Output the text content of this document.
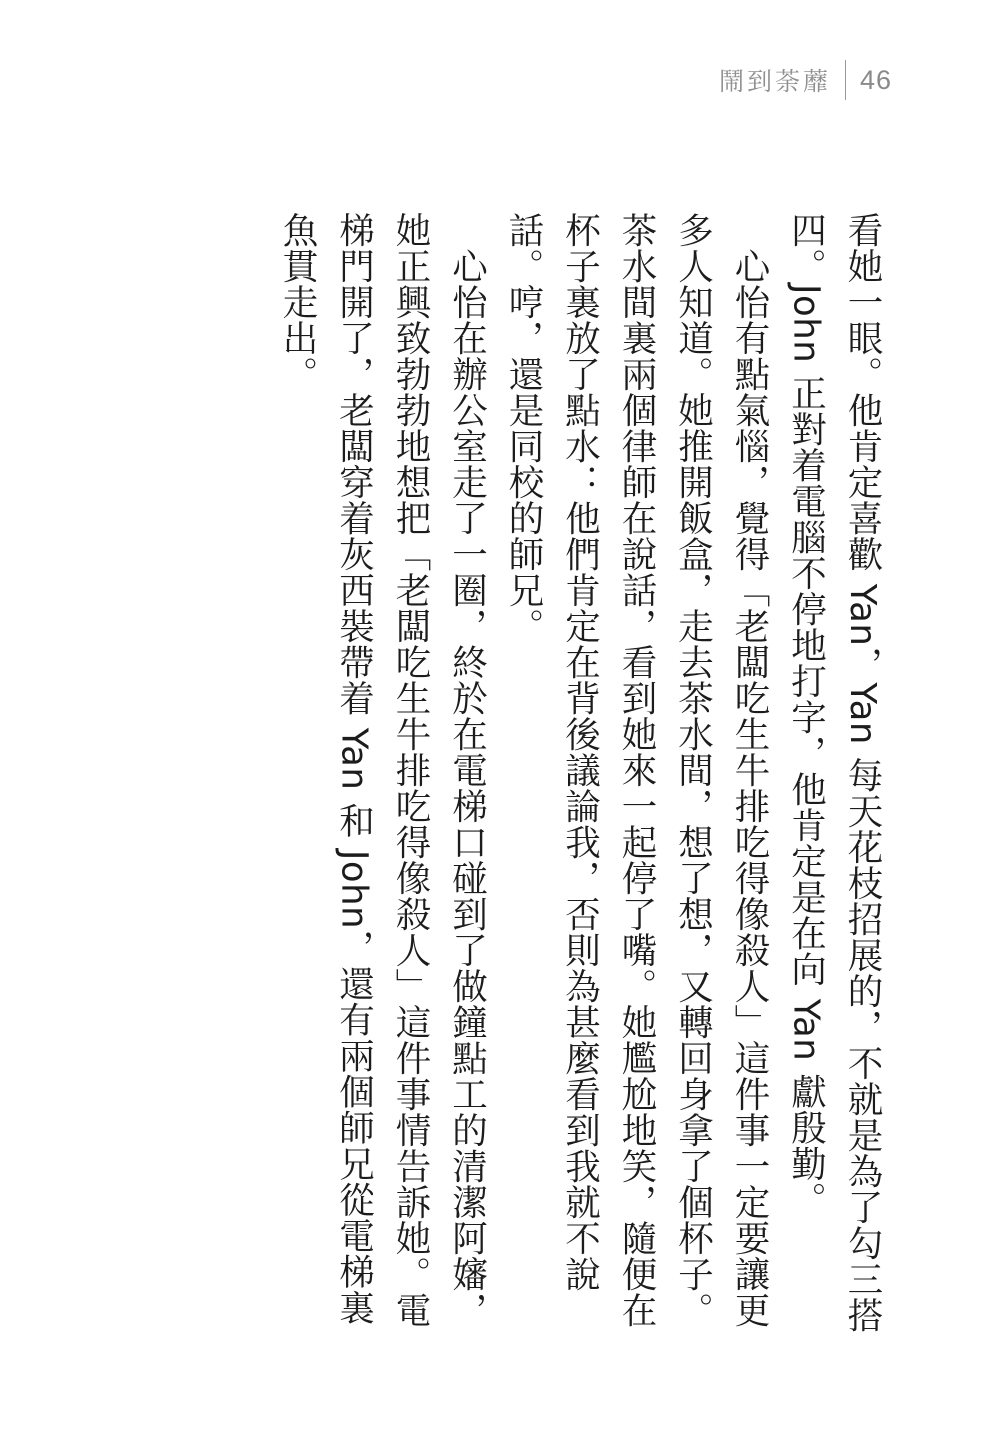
鬧到荼蘼 46

看她一眼。他肯定喜歡 Yan，Yan 每天花枝招展的，不就是為了勾三搭四。John 正對着電腦不停地打字，他肯定是在向 Yan 獻殷勤。

心怡有點氣惱，覺得「老闆吃生牛排吃得像殺人」這件事一定要讓更多人知道。她推開飯盒，走去茶水間，想了想，又轉回身拿了個杯子。茶水間裏兩個律師在說話，看到她來一起停了嘴。她尷尬地笑，隨便在杯子裏放了點水：他們肯定在背後議論我，否則為甚麼看到我就不說話。哼，還是同校的師兄。

心怡在辦公室走了一圈，終於在電梯口碰到了做鐘點工的清潔阿嬸，她正興致勃勃地想把「老闆吃生牛排吃得像殺人」這件事情告訴她。電梯門開了，老闆穿着灰西裝帶着 Yan 和 John，還有兩個師兄從電梯裏魚貫走出。
